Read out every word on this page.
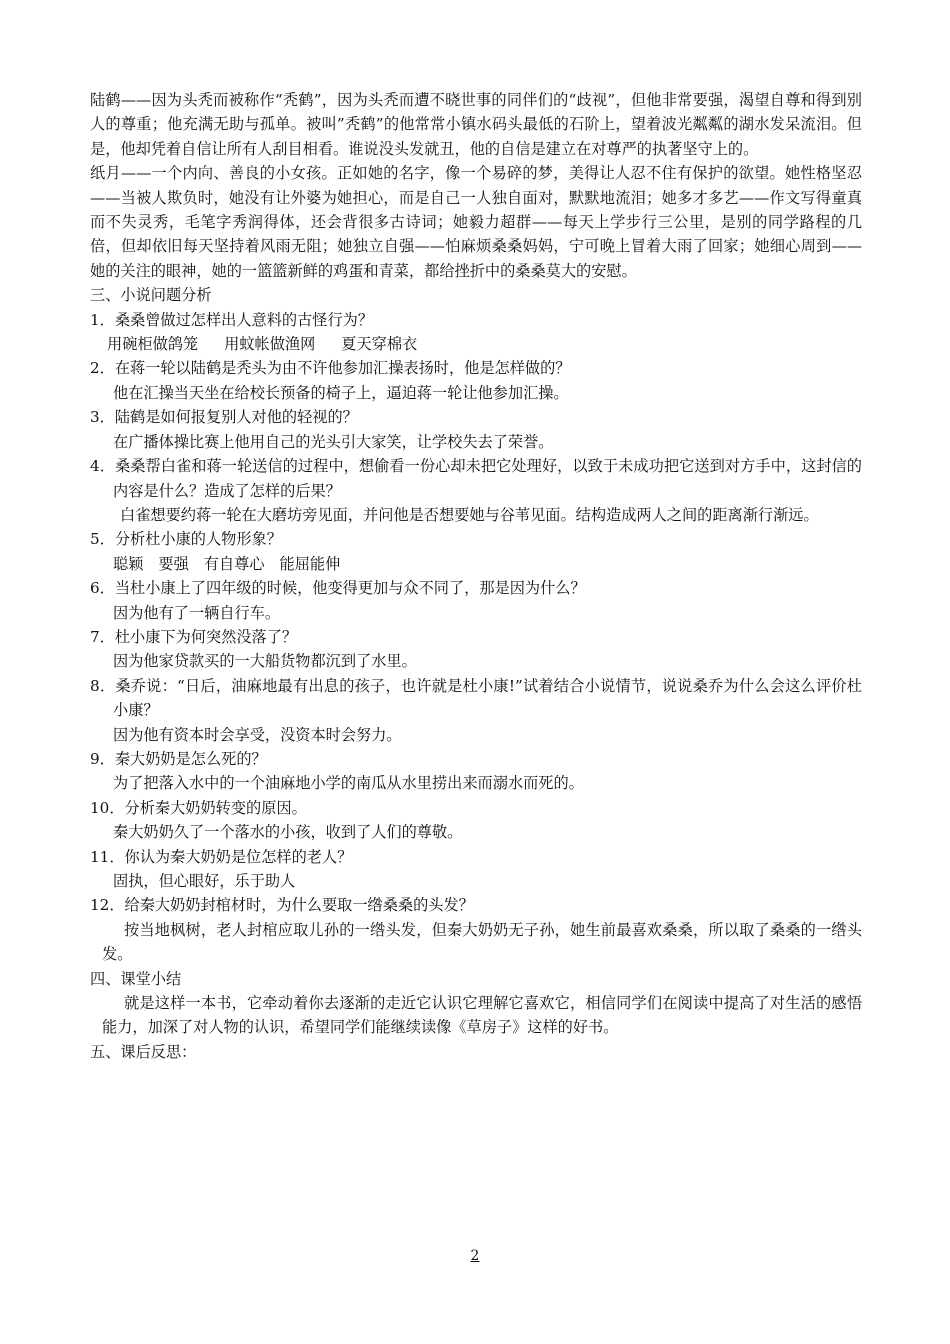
陆鹤——因为头秃而被称作“秃鹤”，因为头秃而遭不晓世事的同伴们的“歧视”，但他非常要强，渴望自尊和得到别人的尊重；他充满无助与孤单。被叫”秃鹤”的他常常小镇水码头最低的石阶上，望着波光粼粼的湖水发呆流泪。但是，他却凭着自信让所有人刮目相看。谁说没头发就丑，他的自信是建立在对尊严的执著坚守上的。

纸月——一个内向、善良的小女孩。正如她的名字，像一个易碎的梦，美得让人忍不住有保护的欲望。她性格坚忍——当被人欺负时，她没有让外婆为她担心，而是自己一人独自面对，默默地流泪；她多才多艺——作文写得童真而不失灵秀，毛笔字秀润得体，还会背很多古诗词；她毅力超群——每天上学步行三公里，是别的同学路程的几倍，但却依旧每天坚持着风雨无阻；她独立自强——怕麻烦桑桑妈妈，宁可晚上冒着大雨了回家；她细心周到——她的关注的眼神，她的一篮篮新鲜的鸡蛋和青菜，都给挫折中的桑桑莫大的安慰。

三、小说问题分析

1．桑桑曾做过怎样出人意料的古怪行为？

用碗柜做鸽笼 用蚊帐做渔网 夏天穿棉衣

2．在蒋一轮以陆鹤是秃头为由不许他参加汇操表扬时，他是怎样做的？

他在汇操当天坐在给校长预备的椅子上，逼迫蒋一轮让他参加汇操。

3．陆鹤是如何报复别人对他的轻视的？

在广播体操比赛上他用自己的光头引大家笑，让学校失去了荣誉。

4．桑桑帮白雀和蒋一轮送信的过程中，想偷看一份心却未把它处理好，以致于未成功把它送到对方手中，这封信的内容是什么？造成了怎样的后果？

白雀想要约蒋一轮在大磨坊旁见面，并问他是否想要她与谷苇见面。结构造成两人之间的距离渐行渐远。

5．分析杜小康的人物形象？

聪颖 要强 有自尊心 能屈能伸

6．当杜小康上了四年级的时候，他变得更加与众不同了，那是因为什么？

因为他有了一辆自行车。

7．杜小康下为何突然没落了？

因为他家贷款买的一大船货物都沉到了水里。

8．桑乔说：“日后，油麻地最有出息的孩子，也许就是杜小康!”试着结合小说情节，说说桑乔为什么会这么评价杜小康？

因为他有资本时会享受，没资本时会努力。

9．秦大奶奶是怎么死的？

为了把落入水中的一个油麻地小学的南瓜从水里捞出来而溺水而死的。

10．分析秦大奶奶转变的原因。

秦大奶奶久了一个落水的小孩，收到了人们的尊敬。

11．你认为秦大奶奶是位怎样的老人？

固执，但心眼好，乐于助人

12．给秦大奶奶封棺材时，为什么要取一绺桑桑的头发？

按当地枫树，老人封棺应取儿孙的一绺头发，但秦大奶奶无子孙，她生前最喜欢桑桑，所以取了桑桑的一绺头发。

四、课堂小结

就是这样一本书，它牵动着你去逐渐的走近它认识它理解它喜欢它，相信同学们在阅读中提高了对生活的感悟能力，加深了对人物的认识，希望同学们能继续读像《草房子》这样的好书。

五、课后反思：

2
